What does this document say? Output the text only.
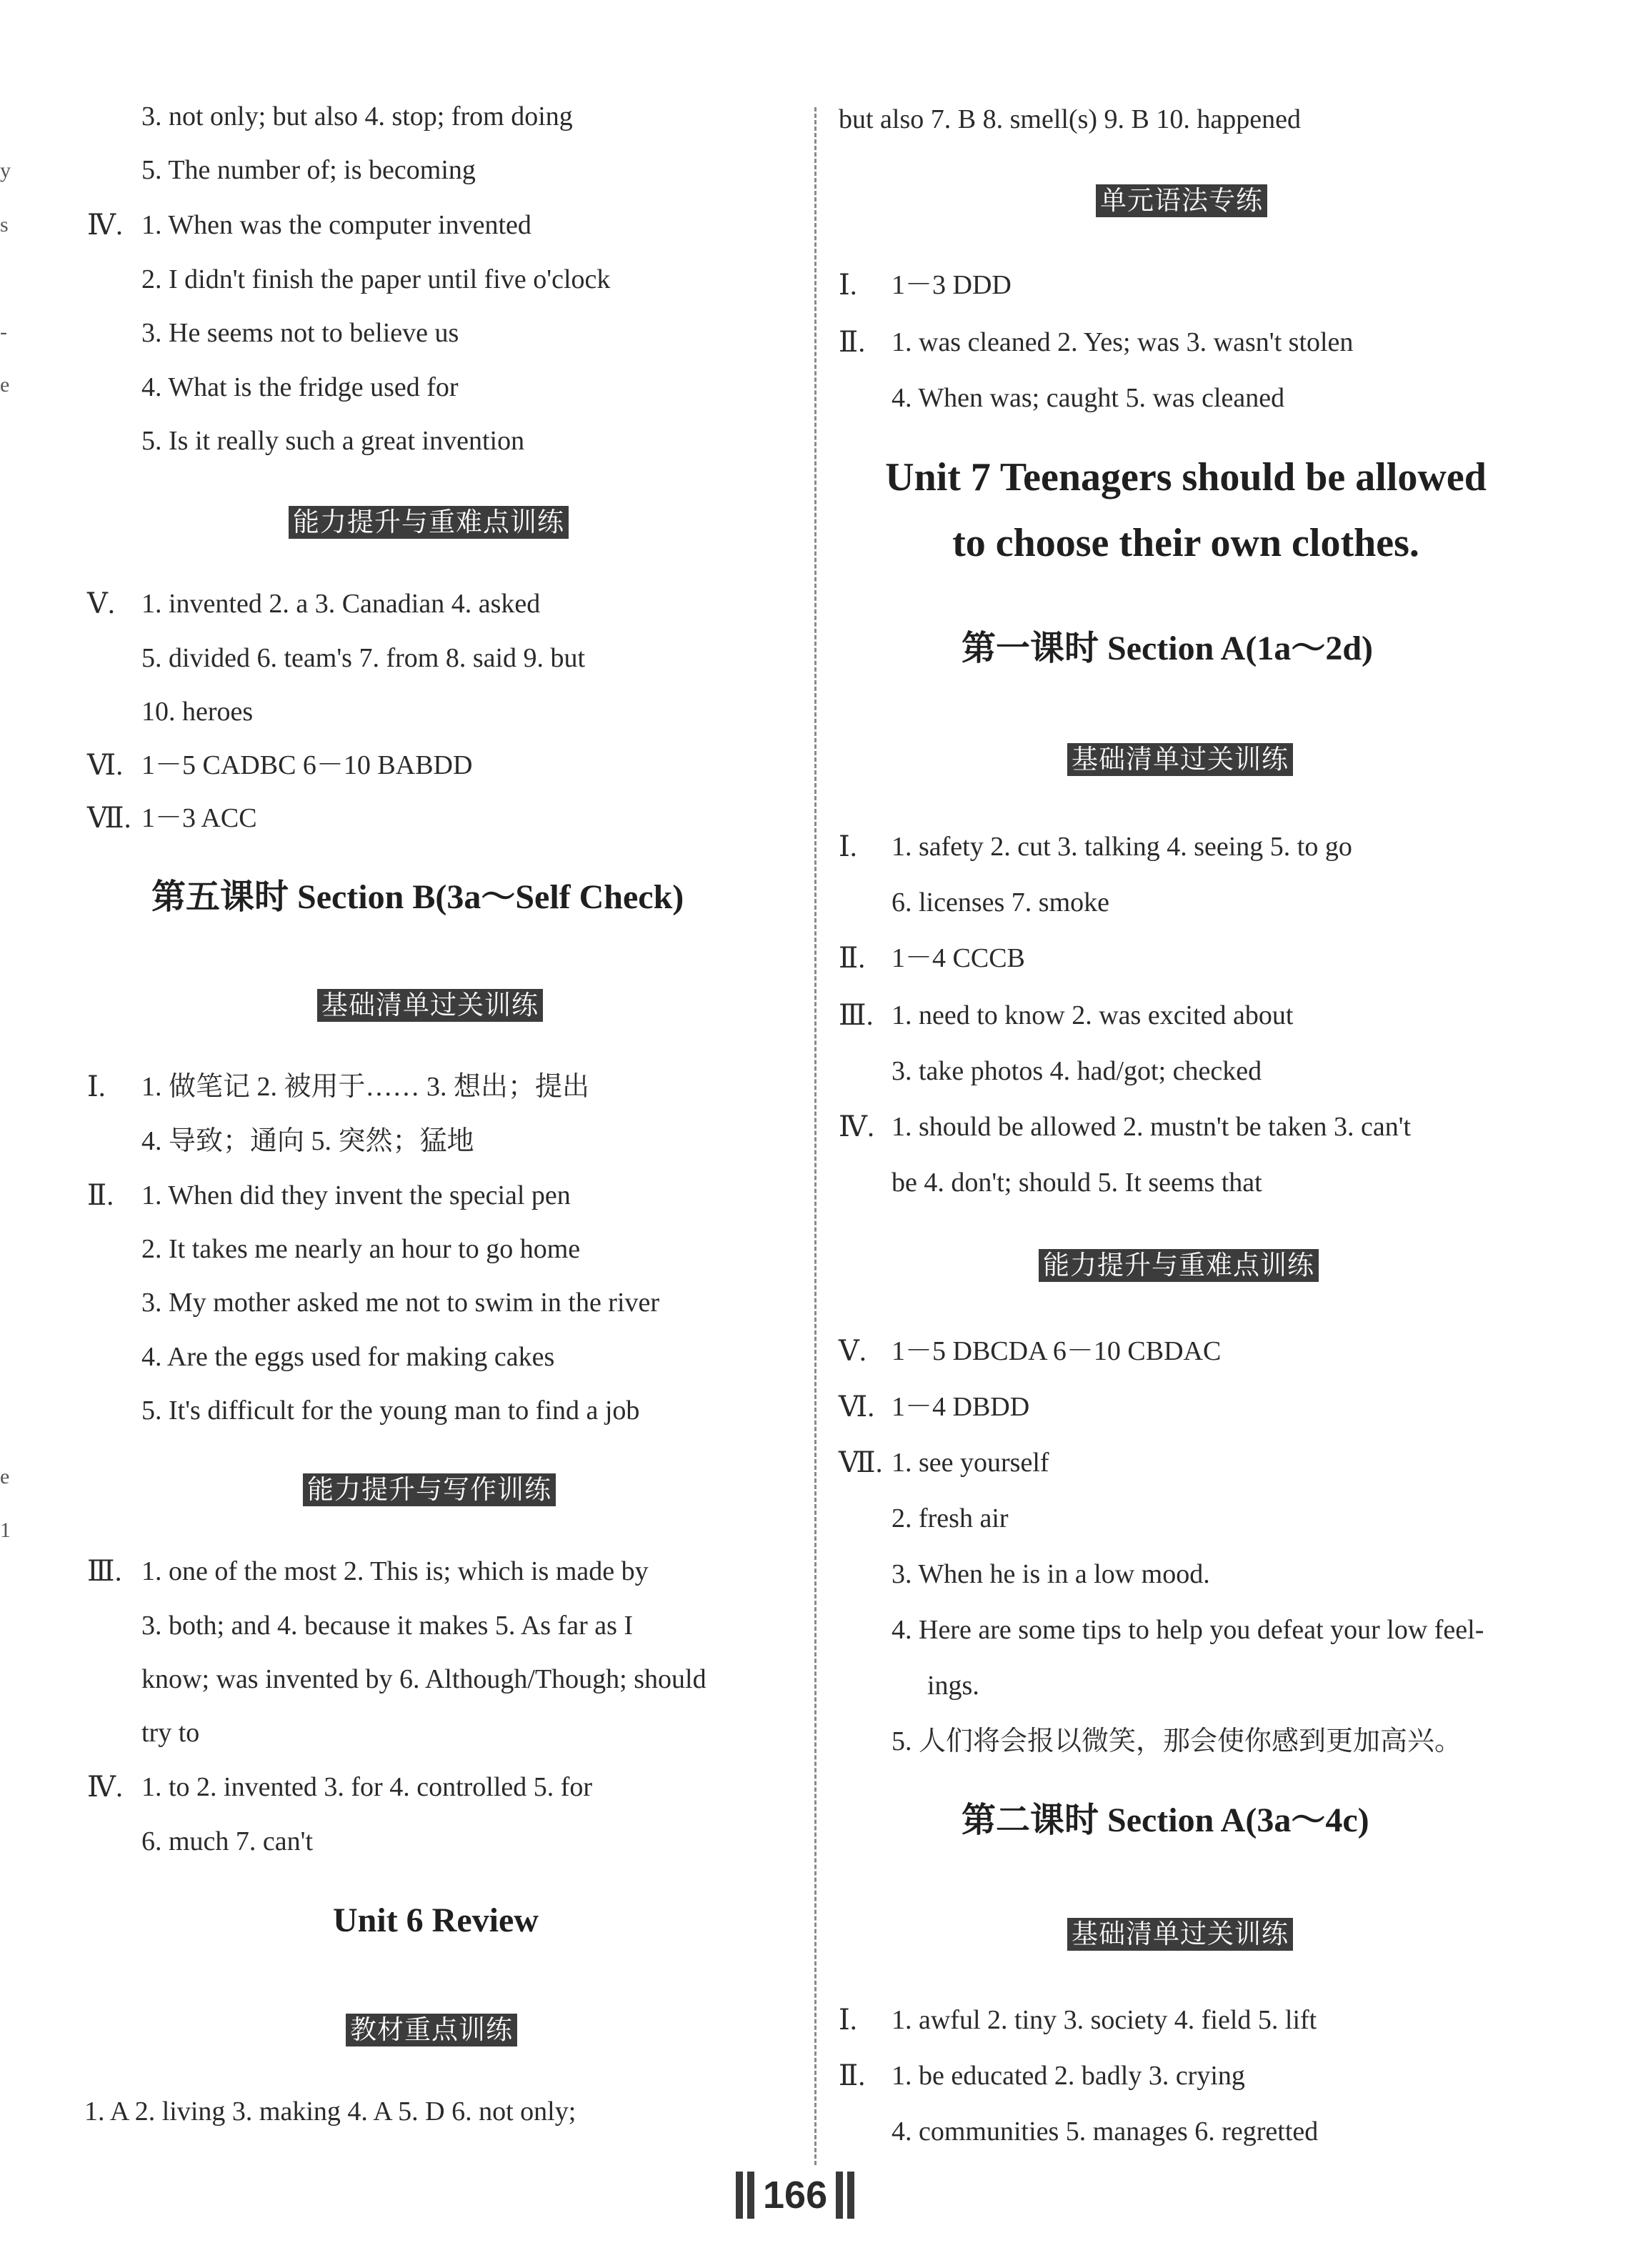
y
s
-
e
e
1
3. not only; but also 4. stop; from doing
5. The number of; is becoming
Ⅳ. 1. When was the computer invented
2. I didn't finish the paper until five o'clock
3. He seems not to believe us
4. What is the fridge used for
5. Is it really such a great invention
能力提升与重难点训练
Ⅴ. 1. invented 2. a 3. Canadian 4. asked
5. divided 6. team's 7. from 8. said 9. but
10. heroes
Ⅵ. 1－5 CADBC 6－10 BABDD
Ⅶ. 1－3 ACC
第五课时 Section B(3a～Self Check)
基础清单过关训练
Ⅰ. 1. 做笔记 2. 被用于…… 3. 想出；提出
4. 导致；通向 5. 突然；猛地
Ⅱ. 1. When did they invent the special pen
2. It takes me nearly an hour to go home
3. My mother asked me not to swim in the river
4. Are the eggs used for making cakes
5. It's difficult for the young man to find a job
能力提升与写作训练
Ⅲ. 1. one of the most 2. This is; which is made by
3. both; and 4. because it makes 5. As far as I
know; was invented by 6. Although/Though; should
try to
Ⅳ. 1. to 2. invented 3. for 4. controlled 5. for
6. much 7. can't
Unit 6 Review
教材重点训练
1. A 2. living 3. making 4. A 5. D 6. not only;
but also 7. B 8. smell(s) 9. B 10. happened
单元语法专练
Ⅰ. 1－3 DDD
Ⅱ. 1. was cleaned 2. Yes; was 3. wasn't stolen
4. When was; caught 5. was cleaned
Unit 7 Teenagers should be allowed
to choose their own clothes.
第一课时 Section A(1a～2d)
基础清单过关训练
Ⅰ. 1. safety 2. cut 3. talking 4. seeing 5. to go
6. licenses 7. smoke
Ⅱ. 1－4 CCCB
Ⅲ. 1. need to know 2. was excited about
3. take photos 4. had/got; checked
Ⅳ. 1. should be allowed 2. mustn't be taken 3. can't
be 4. don't; should 5. It seems that
能力提升与重难点训练
Ⅴ. 1－5 DBCDA 6－10 CBDAC
Ⅵ. 1－4 DBDD
Ⅶ. 1. see yourself
2. fresh air
3. When he is in a low mood.
4. Here are some tips to help you defeat your low feel-
ings.
5. 人们将会报以微笑，那会使你感到更加高兴。
第二课时 Section A(3a～4c)
基础清单过关训练
Ⅰ. 1. awful 2. tiny 3. society 4. field 5. lift
Ⅱ. 1. be educated 2. badly 3. crying
4. communities 5. manages 6. regretted
166
